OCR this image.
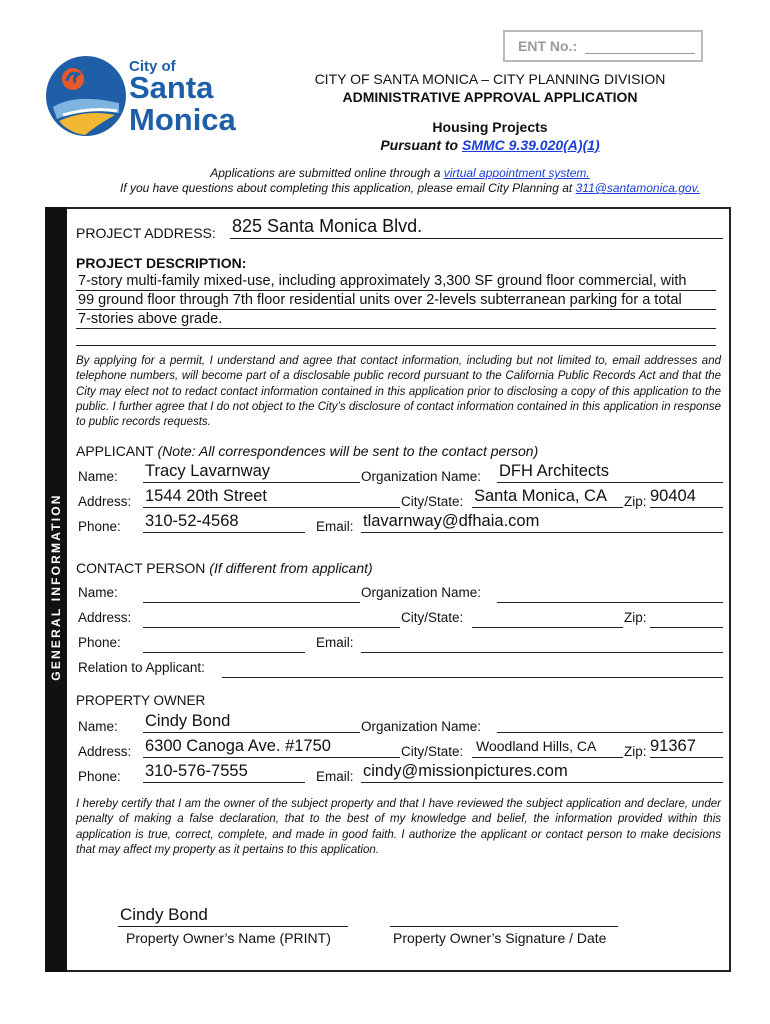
ENT No.:
City of
Santa
Monica
CITY OF SANTA MONICA – CITY PLANNING DIVISION
ADMINISTRATIVE APPROVAL APPLICATION
Housing Projects
Pursuant to SMMC 9.39.020(A)(1)
Applications are submitted online through a virtual appointment system.
If you have questions about completing this application, please email City Planning at 311@santamonica.gov.
GENERAL INFORMATION
PROJECT ADDRESS: 825 Santa Monica Blvd.
PROJECT DESCRIPTION:
7-story multi-family mixed-use, including approximately 3,300 SF ground floor commercial, with
99 ground floor through 7th floor residential units over 2-levels subterranean parking for a total
7-stories above grade.
By applying for a permit, I understand and agree that contact information, including but not limited to, email addresses and telephone numbers, will become part of a disclosable public record pursuant to the California Public Records Act and that the City may elect not to redact contact information contained in this application prior to disclosing a copy of this application to the public. I further agree that I do not object to the City’s disclosure of contact information contained in this application in response to public records requests.
APPLICANT (Note: All correspondences will be sent to the contact person)
Name: Tracy Lavarnway	Organization Name: DFH Architects
Address: 1544 20th Street	City/State: Santa Monica, CA Zip: 90404
Phone: 310-52-4568	Email: tlavarnway@dfhaia.com
CONTACT PERSON (If different from applicant)
Name:	Organization Name:
Address:	City/State:	Zip:
Phone:	Email:
Relation to Applicant:
PROPERTY OWNER
Name: Cindy Bond	Organization Name:
Address: 6300 Canoga Ave. #1750	City/State: Woodland Hills, CA Zip: 91367
Phone: 310-576-7555	Email: cindy@missionpictures.com
I hereby certify that I am the owner of the subject property and that I have reviewed the subject application and declare, under penalty of making a false declaration, that to the best of my knowledge and belief, the information provided within this application is true, correct, complete, and made in good faith. I authorize the applicant or contact person to make decisions that may affect my property as it pertains to this application.
Cindy Bond
Property Owner’s Name (PRINT)	Property Owner’s Signature / Date
